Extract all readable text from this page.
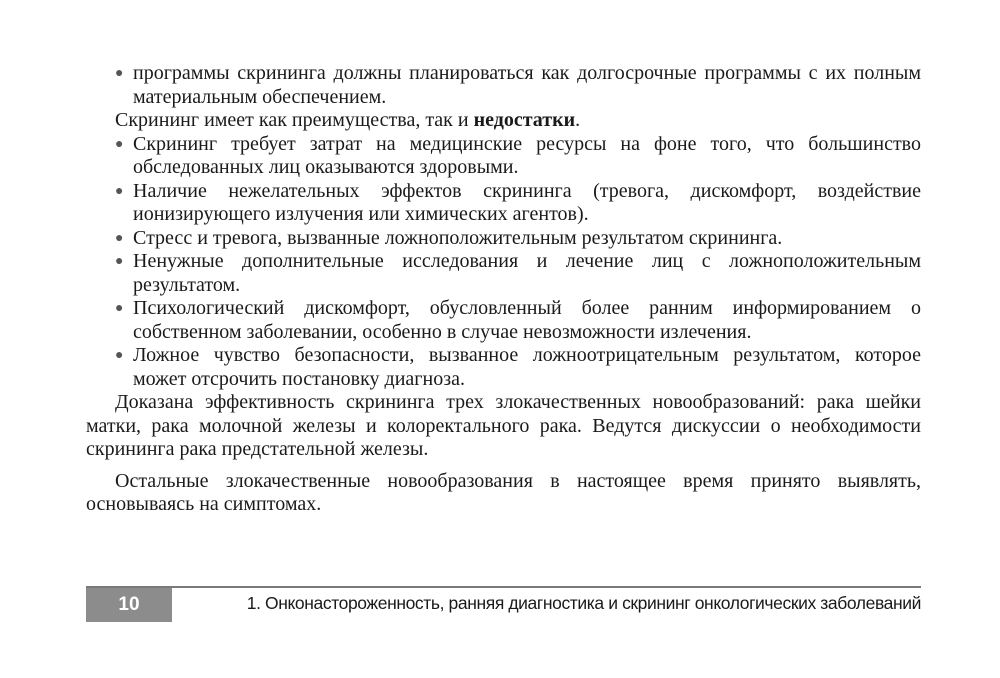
● программы скрининга должны планироваться как долгосрочные программы с их полным материальным обеспечением.

Скрининг имеет как преимущества, так и недостатки.

● Скрининг требует затрат на медицинские ресурсы на фоне того, что большинство обследованных лиц оказываются здоровыми.
● Наличие нежелательных эффектов скрининга (тревога, дискомфорт, воздействие ионизирующего излучения или химических агентов).
● Стресс и тревога, вызванные ложноположительным результатом скрининга.
● Ненужные дополнительные исследования и лечение лиц с ложноположительным результатом.
● Психологический дискомфорт, обусловленный более ранним информированием о собственном заболевании, особенно в случае невозможности излечения.
● Ложное чувство безопасности, вызванное ложноотрицательным результатом, которое может отсрочить постановку диагноза.

Доказана эффективность скрининга трех злокачественных новообразований: рака шейки матки, рака молочной железы и колоректального рака. Ведутся дискуссии о необходимости скрининга рака предстательной железы.

Остальные злокачественные новообразования в настоящее время принято выявлять, основываясь на симптомах.

10	1. Онконастороженность, ранняя диагностика и скрининг онкологических заболеваний
